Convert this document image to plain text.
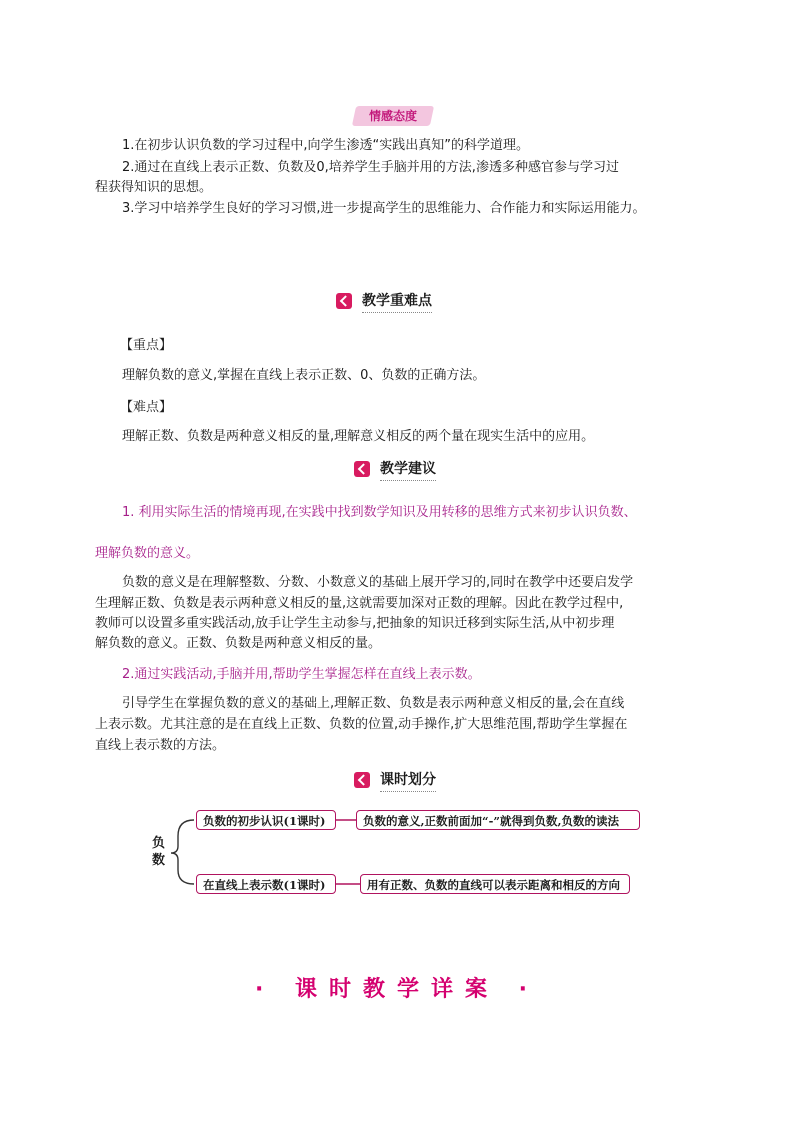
情感态度
1.在初步认识负数的学习过程中,向学生渗透“实践出真知”的科学道理。
2.通过在直线上表示正数、负数及0,培养学生手脑并用的方法,渗透多种感官参与学习过
程获得知识的思想。
3.学习中培养学生良好的学习习惯,进一步提高学生的思维能力、合作能力和实际运用能力。
教学重难点
【重点】
理解负数的意义,掌握在直线上表示正数、0、负数的正确方法。
【难点】
理解正数、负数是两种意义相反的量,理解意义相反的两个量在现实生活中的应用。
教学建议
1. 利用实际生活的情境再现,在实践中找到数学知识及用转移的思维方式来初步认识负数、
理解负数的意义。
负数的意义是在理解整数、分数、小数意义的基础上展开学习的,同时在教学中还要启发学
生理解正数、负数是表示两种意义相反的量,这就需要加深对正数的理解。因此在教学过程中,
教师可以设置多重实践活动,放手让学生主动参与,把抽象的知识迁移到实际生活,从中初步理
解负数的意义。正数、负数是两种意义相反的量。
2.通过实践活动,手脑并用,帮助学生掌握怎样在直线上表示数。
引导学生在掌握负数的意义的基础上,理解正数、负数是表示两种意义相反的量,会在直线
上表示数。尤其注意的是在直线上正数、负数的位置,动手操作,扩大思维范围,帮助学生掌握在
直线上表示数的方法。
课时划分
负数
负数的初步认识(1课时)	负数的意义,正数前面加“-”就得到负数,负数的读法
在直线上表示数(1课时)	用有正数、负数的直线可以表示距离和相反的方向
· 课时教学详案 ·
